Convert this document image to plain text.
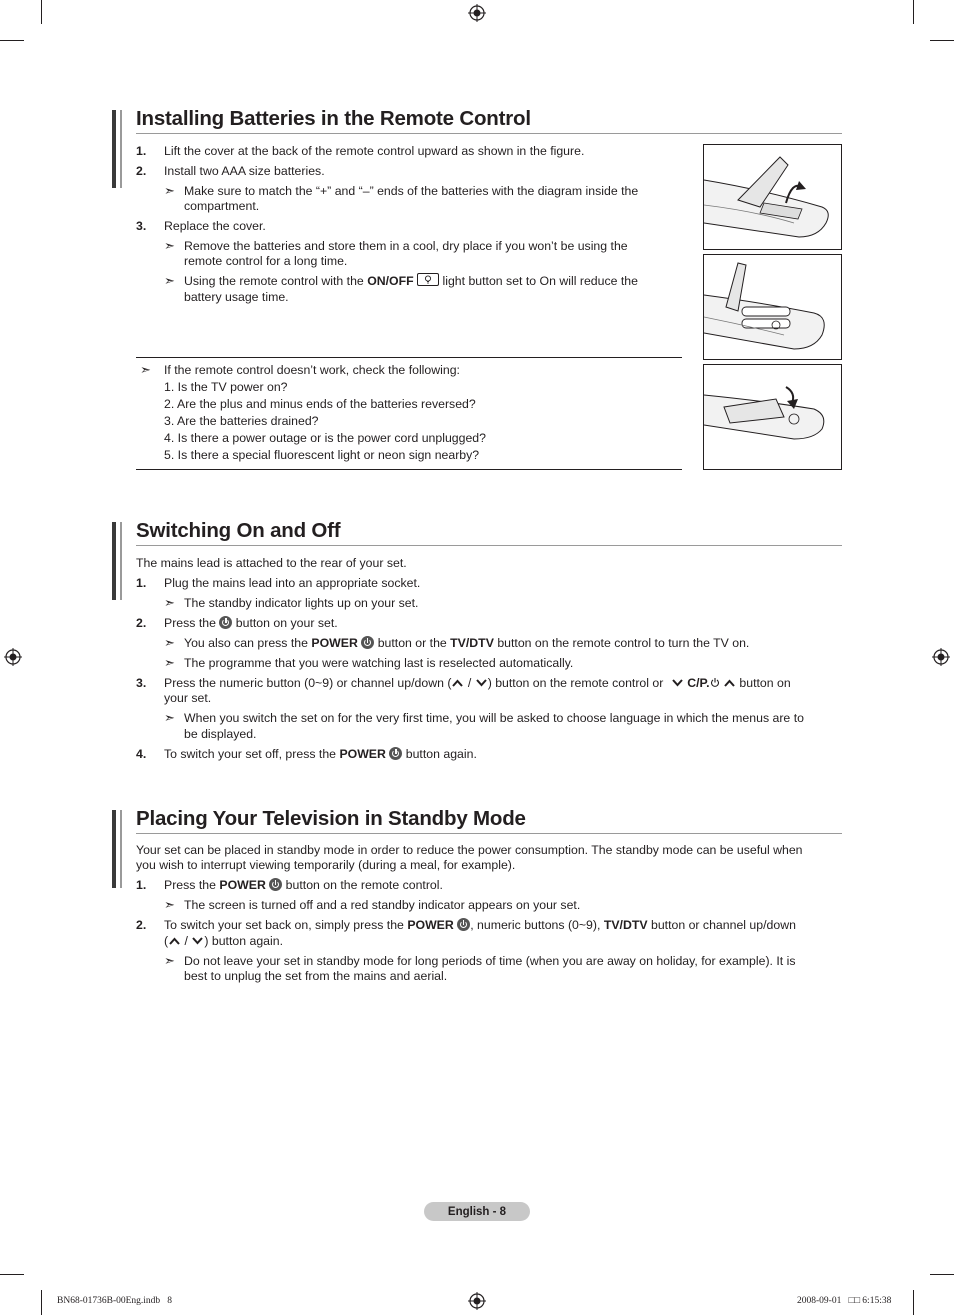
Installing Batteries in the Remote Control
1. Lift the cover at the back of the remote control upward as shown in the figure.
2. Install two AAA size batteries.
➣ Make sure to match the “+” and “–” ends of the batteries with the diagram inside the
compartment.
3. Replace the cover.
➣ Remove the batteries and store them in a cool, dry place if you won’t be using the
remote control for a long time.
➣ Using the remote control with the ON/OFF
light button set to On will reduce the
battery usage time.
➣ If the remote control doesn’t work, check the following:
1. Is the TV power on?
2. Are the plus and minus ends of the batteries reversed?
3. Are the batteries drained?
4. Is there a power outage or is the power cord unplugged?
5. Is there a special fluorescent light or neon sign nearby?
Switching On and Off
The mains lead is attached to the rear of your set.
1. Plug the mains lead into an appropriate socket.
➣ The standby indicator lights up on your set.
2. Press the  button on your set.
➣ You also can press the POWER  button or the TV/DTV button on the remote control to turn the TV on.
➣ The programme that you were watching last is reselected automatically.
3. Press the numeric button (0~9) or channel up/down ( / ) button on the remote control or  C/P.  button on
your set.
➣ When you switch the set on for the very first time, you will be asked to choose language in which the menus are to
be displayed.
4. To switch your set off, press the POWER  button again.
Placing Your Television in Standby Mode
Your set can be placed in standby mode in order to reduce the power consumption. The standby mode can be useful when
you wish to interrupt viewing temporarily (during a meal, for example).
1. Press the POWER  button on the remote control.
➣ The screen is turned off and a red standby indicator appears on your set.
2. To switch your set back on, simply press the POWER , numeric buttons (0~9), TV/DTV button or channel up/down
( / ) button again.
➣ Do not leave your set in standby mode for long periods of time (when you are away on holiday, for example). It is
best to unplug the set from the mains and aerial.
English - 8
BN68-01736B-00Eng.indb   8	2008-09-01   □□ 6:15:38
